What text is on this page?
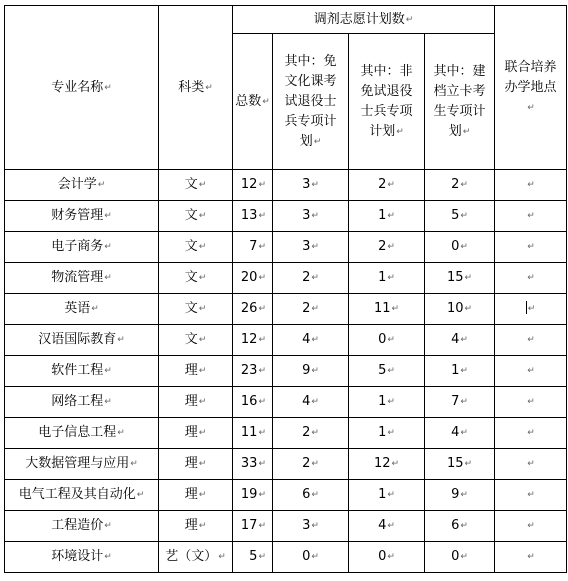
专业名称↵	科类↵	调剂志愿计划数↵				联合培养办学地点↵
		总数↵	其中：免文化课考试退役士兵专项计划↵	其中：非免试退役士兵专项计划↵	其中：建档立卡考生专项计划↵	
会计学↵	文↵	12↵	3↵	2↵	2↵	↵
财务管理↵	文↵	13↵	3↵	1↵	5↵	↵
电子商务↵	文↵	7↵	3↵	2↵	0↵	↵
物流管理↵	文↵	20↵	2↵	1↵	15↵	↵
英语↵	文↵	26↵	2↵	11↵	10↵	↵
汉语国际教育↵	文↵	12↵	4↵	0↵	4↵	↵
软件工程↵	理↵	23↵	9↵	5↵	1↵	↵
网络工程↵	理↵	16↵	4↵	1↵	7↵	↵
电子信息工程↵	理↵	11↵	2↵	1↵	4↵	↵
大数据管理与应用↵	理↵	33↵	2↵	12↵	15↵	↵
电气工程及其自动化↵	理↵	19↵	6↵	1↵	9↵	↵
工程造价↵	理↵	17↵	3↵	4↵	6↵	↵
环境设计↵	艺（文）↵	5↵	0↵	0↵	0↵	↵
